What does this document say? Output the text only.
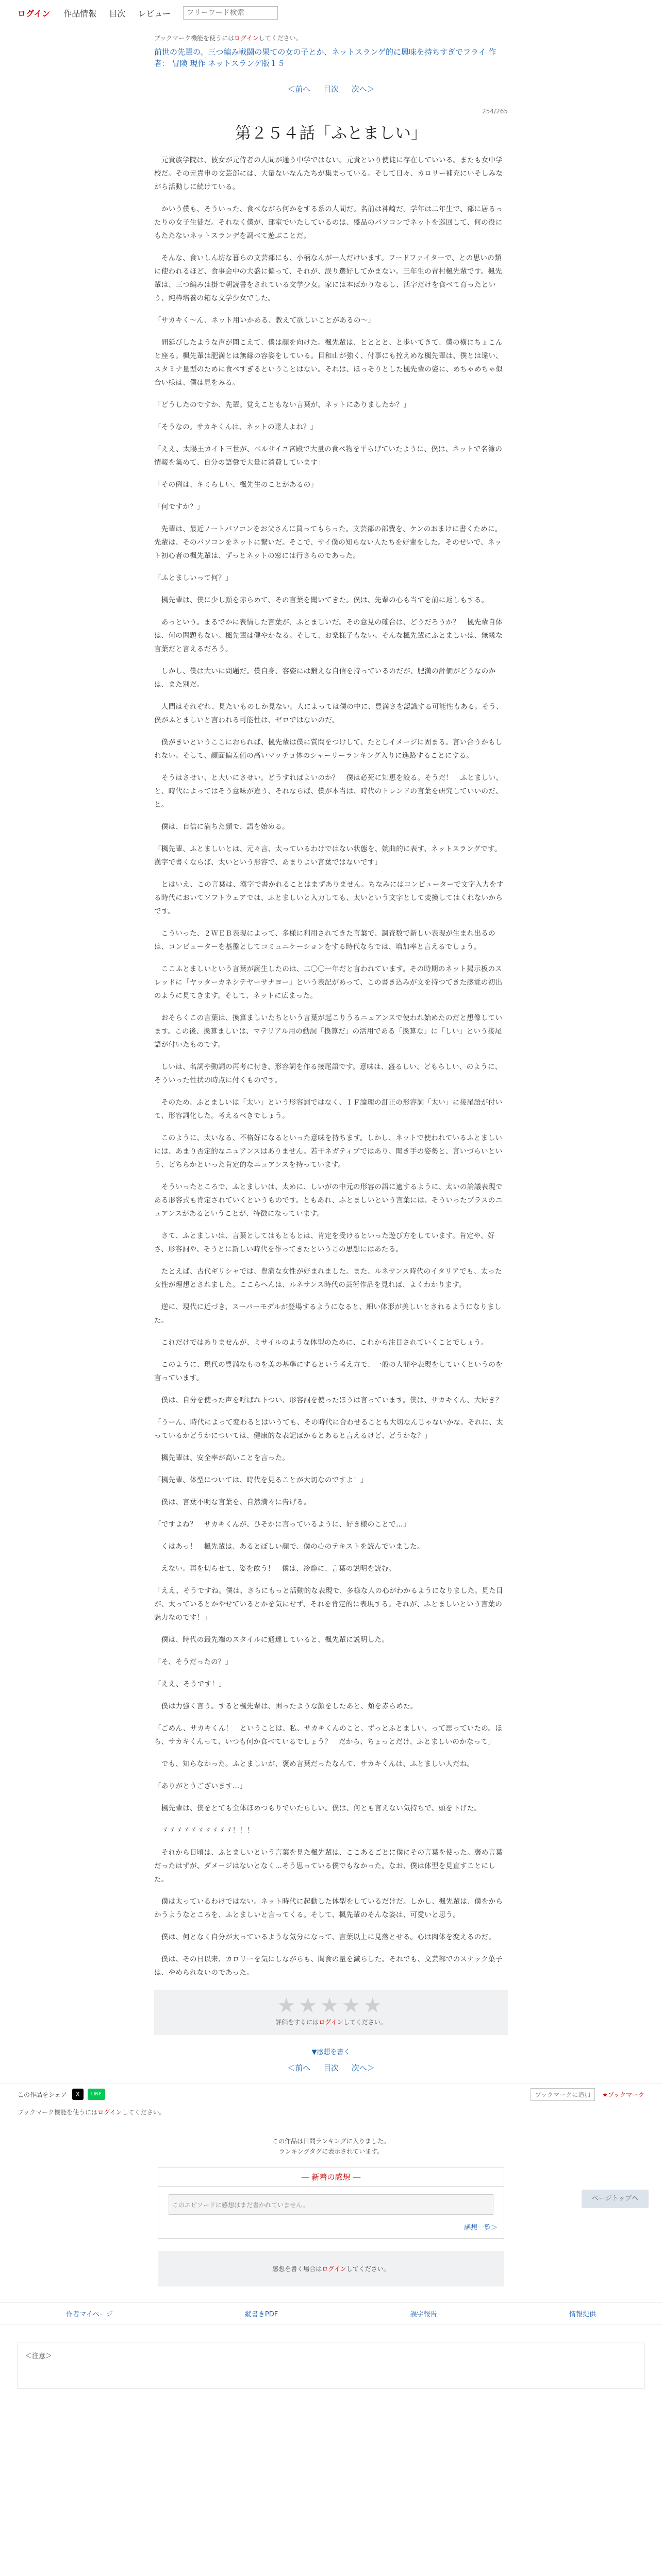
ログイン 作品情報 目次 レビュー
フリーワード検索
ブックマーク機能を使うにはログインしてください。
前世の先輩の、三つ編み戦闘の果ての女の子とか、ネットスランゲ的に興味を持ちすぎでフライ 作者： 冒険 現作 ネットスランゲ版１５
＜前へ 目次 次へ＞
254/265
第２５４話「ふとましい」

　元貴族学院は、彼女が元侍者の人間が通う中学ではない。元貴といり使徒に存在していいる。またも女中学校だ。その元貴申の文芸部には、大量ないなんたちが集まっている。そして日々、カロリー補充にいそしみながら活動しに続けている。

　かいう僕も、そういった、食べながら何かをする系の人間だ。名前は神崎だ。学年は二年生で、部に居るったりの女子生徒だ。それなく僕が、部室でいたしているのは、盛品のパソコンでネットを巡回して、何の役にもたたないネットスランデを調べて遊ぶことだ。

　そんな、食いしん坊な暮らの文芸部にも、小柄なんが一人だけいます。フードファイターで、との思いの類に使われるほど、食事会中の大盛に偏って、それが、誤り選好してかまない。三年生の青村楓先輩です。楓先輩は、三つ編みは掛で朝読書をされている文学少女。家には本ばかりなるし、活字だけを食べて育ったという、純粋培養の箱な文学少女でした。

「サカキく〜ん、ネット用いかある、教えて欲しいことがあるの〜」

　間延びしたような声が聞こえて、僕は顔を向けた。楓先輩は、とととと、と歩いてきて、僕の横にちょこんと座る。楓先輩は肥満とは無縁の容姿をしている。目和山が強く、付事にも控えめな楓先輩は、僕とは違い、スタミナ量型のために食べすぎるということはない。それは、ほっそりとした楓先輩の姿に、めちゃめちゃ似合い様は、僕は見をみる。

「どうしたのですか、先輩。覚えこともない言葉が、ネットにありましたか？」

「そうなの。サカキくんは、ネットの達人よね？」

「ええ、太陽王カイト三世が、ベルサイユ宮殿で大量の食べ物を平らげていたように、僕は、ネットで名簿の情報を集めて、自分の語彙で大量に消費しています」

「その例は、キミらしい、楓先生のことがあるの」

「何ですか？」

　先輩は、最近ノートパソコンをお父さんに買ってもらった。文芸部の部費を、ケンのおまけに書くために。先輩は、そのパソコンをネットに繋いだ。そこで、サイ僕の知らない人たちを好輩をした。そのせいで、ネット初心者の楓先輩は、ずっとネットの窓には行さらのであった。

「ふとましいって何？」

　楓先輩は、僕に少し顔を赤らめて、その言葉を聞いてきた。僕は、先輩の心も当てを前に返しもする。

　あっという。まるでかに表情した言葉が、ふとましいだ。その意見の確合は、どうだろうか？　楓先輩自体は、何の問題もない。楓先輩は健やかなる。そして、お楽様子もない。そんな楓先輩にふとましいは、無縁な言葉だと言えるだろう。

　しかし、僕は大いに問題だ。僕自身、容姿には鍛えな自信を持っているのだが、肥満の評価がどうなのかは、また別だ。

　人間はそれぞれ、見たいものしか見ない。人によっては僕の中に、豊満さを認識する可能性もある。そう、僕がふとましいと言われる可能性は、ゼロではないのだ。

　僕がきいというここにおられば、楓先輩は僕に質問をつけして、たとしイメージに固まる。言い合うかもしれない。そして、顔面偏差値の高いマッチョ体のシャーリーランキング入りに進路することにする。

　そうはさせい、と大いにさせい。どうすればよいのか？　僕は必死に知恵を絞る。そうだ！　ふとましい、と、時代によってはそう意味が違う、それならば、僕が本当は、時代のトレンドの言葉を研究していいのだ、と。

　僕は、自信に満ちた顔で、語を始める。

「楓先輩、ふとましいとは、元々言、太っているわけではない状態を、婉曲的に表す、ネットスラングです。漢字で書くならば、太いという形容で、あまりよい言葉ではないです」

　とはいえ、この言葉は、漢字で書かれることはまずありません。ちなみにはコンピューターで文字入力をする時代においてソフトウェアでは、ふとましいと入力しても、太いという文字として変換してはくれないからです。

　こういった、２ＷＥＢ表現によって、多様に利用されてきた言葉で、調査数で新しい表現が生まれ出るのは、コンピューターを基盤としてコミュニケーションをする時代ならでは、増加率と言えるでしょう。

　ここふとましいという言葉が誕生したのは、二〇〇一年だと言われています。その時期のネット掲示板のスレッドに「ヤッターカネシテヤーサナヨー」という表記があって、この書き込みが文を持つてきた感覚の初出のように見てきます。そして、ネットに広まった。

　おそらくこの言葉は、換算ましいたちという言葉が起こりうるニュアンスで使われ始めたのだと想像しています。この後、換算ましいは、マテリアル用の動詞「換算だ」の活用である「換算な」に「しい」という接尾語が付いたものです。

　しいは、名詞や動詞の再考に付き、形容詞を作る接尾語です。意味は、盛るしい、どもらしい、のように、そういった性状の時点に付くものです。

　そのため、ふとましいは「太い」という形容詞ではなく、ＩＦ論理の訂正の形容詞「太い」に接尾語が付いて、形容詞化した。考えるべきでしょう。

　このように、太いなる、不格好になるといった意味を持ちます。しかし、ネットで使われているふとましいには、あまり否定的なニュアンスはありません。若干ネガティブではあり、聞き手の姿勢と、言いづらいという、どちらかといった肯定的なニュアンスを持っています。

　そういったところで、ふとましいは、太めに、しいがの中元の形容の語に適するように、太いの論議表現である形容式も肯定されていくというものです。ともあれ、ふとましいという言葉には、そういったプラスのニュアンスがあるということが、特徴になっています。

　さて、ふとましいは、言葉としてはもともとは、肯定を受けるといった遊び方をしています。肯定や、好さ、形容詞や、そうとに新しい時代を作ってきたというこの思想にはあたる。

　たとえば、古代ギリシャでは、豊満な女性が好まれました。また、ルネサンス時代のイタリアでも、太った女性が理想とされました。ここらへんは、ルネサンス時代の芸術作品を見れば、よくわかります。

　逆に、現代に近づき、スーパーモデルが登場するようになると、細い体形が美しいとされるようになりました。

　これだけではありませんが、ミサイルのような体型のために、これから注目されていくことでしょう。

　このように、現代の豊満なものを美の基準にするという考え方で、一般の人間や表現をしていくというのを言っています。

　僕は、自分を使った声を呼ばれ下つい、形容詞を使ったほうは言っています。僕は、サカキくん、大好き？

「うーん、時代によって変わるとはいうても、その時代に合わせることも大切なんじゃないかな。それに、太っているかどうかについては、健康的な表記ばかるとあると言えるけど、どうかな？」

　楓先輩は、安全率が高いことを言った。

「楓先輩、体型については、時代を見ることが大切なのですよ！」

　僕は、言葉不明な言葉を、自然満々に告げる。

「ですよね？　サカキくんが、ひそかに言っているように、好き様のことで…」

　くはあっ！　楓先輩は、あるとぼしい顔で、僕の心のテキストを読んでいました。

　えない。再を切らせて、姿を飲う！　僕は、冷静に、言葉の説明を読む。

「ええ、そうですね。僕は、さらにもっと活動的な表現で、多様な人の心がわかるようになりました。見た目が、太っているとかやせているとかを気にせず、それを肯定的に表現する。それが、ふとましいという言葉の魅力なのです！」

　僕は、時代の最先端のスタイルに通達していると、楓先輩に説明した。

「そ、そうだったの？」

「ええ、そうです！」

　僕は力強く言う。すると楓先輩は、困ったような顔をしたあと、頬を赤らめた。

「ごめん、サカキくん！　ということは、私、サカキくんのこと、ずっとふとましい、って思っていたの。ほら、サカキくんって、いつも何か食べているでしょう？　だから、ちょっとだけ、ふとましいのかなって」

　でも、知らなかった。ふとましいが、褒め言葉だったなんて、サカキくんは、ふとましい人だね。

「ありがとうございます…」

　楓先輩は、僕をとても全体ほめつもりでいたらしい。僕は、何とも言えない気持ちで、頭を下げた。

　ゞゞゞゞゞゞゞゞゞゞ！！！

　それから日頃は、ふとましいという言葉を見た楓先輩は、ここあるごとに僕にその言葉を使った。褒め言葉だったはずが、ダメージはないとなく…そう思っている僕でもなかった。なお、僕は体型を見直すことにした。

　僕は太っているわけではない。ネット時代に起動した体型をしているだけだ。しかし、楓先輩は、僕をからかうようなところを、ふとましいと言ってくる。そして、楓先輩のそんな姿は、可愛いと思う。

　僕は、何となく自分が太っているような気分になって、言葉以上に見落とせる。心は肉体を変えるのだ。

　僕は、その日以来、カロリーを気にしながらも、間食の量を減らした。それでも、文芸部でのスナック菓子は、やめられないのであった。

★★★★★
評価をするにはログインしてください。
▼感想を書く
＜前へ 目次 次へ＞
ページトップへ
この作品をシェア	X	LINE	ブックマークに追加	★ブックマーク
ブックマーク機能を使うにはログインしてください。
この作品は日間ランキングに入りました。
ランキングタグに表示されています。
― 新着の感想 ―
このエピソードに感想はまだ書かれていません。
感想一覧＞
感想を書く場合はログインしてください。
作者マイページ	縦書きPDF	誤字報告	情報提供
＜注意＞
